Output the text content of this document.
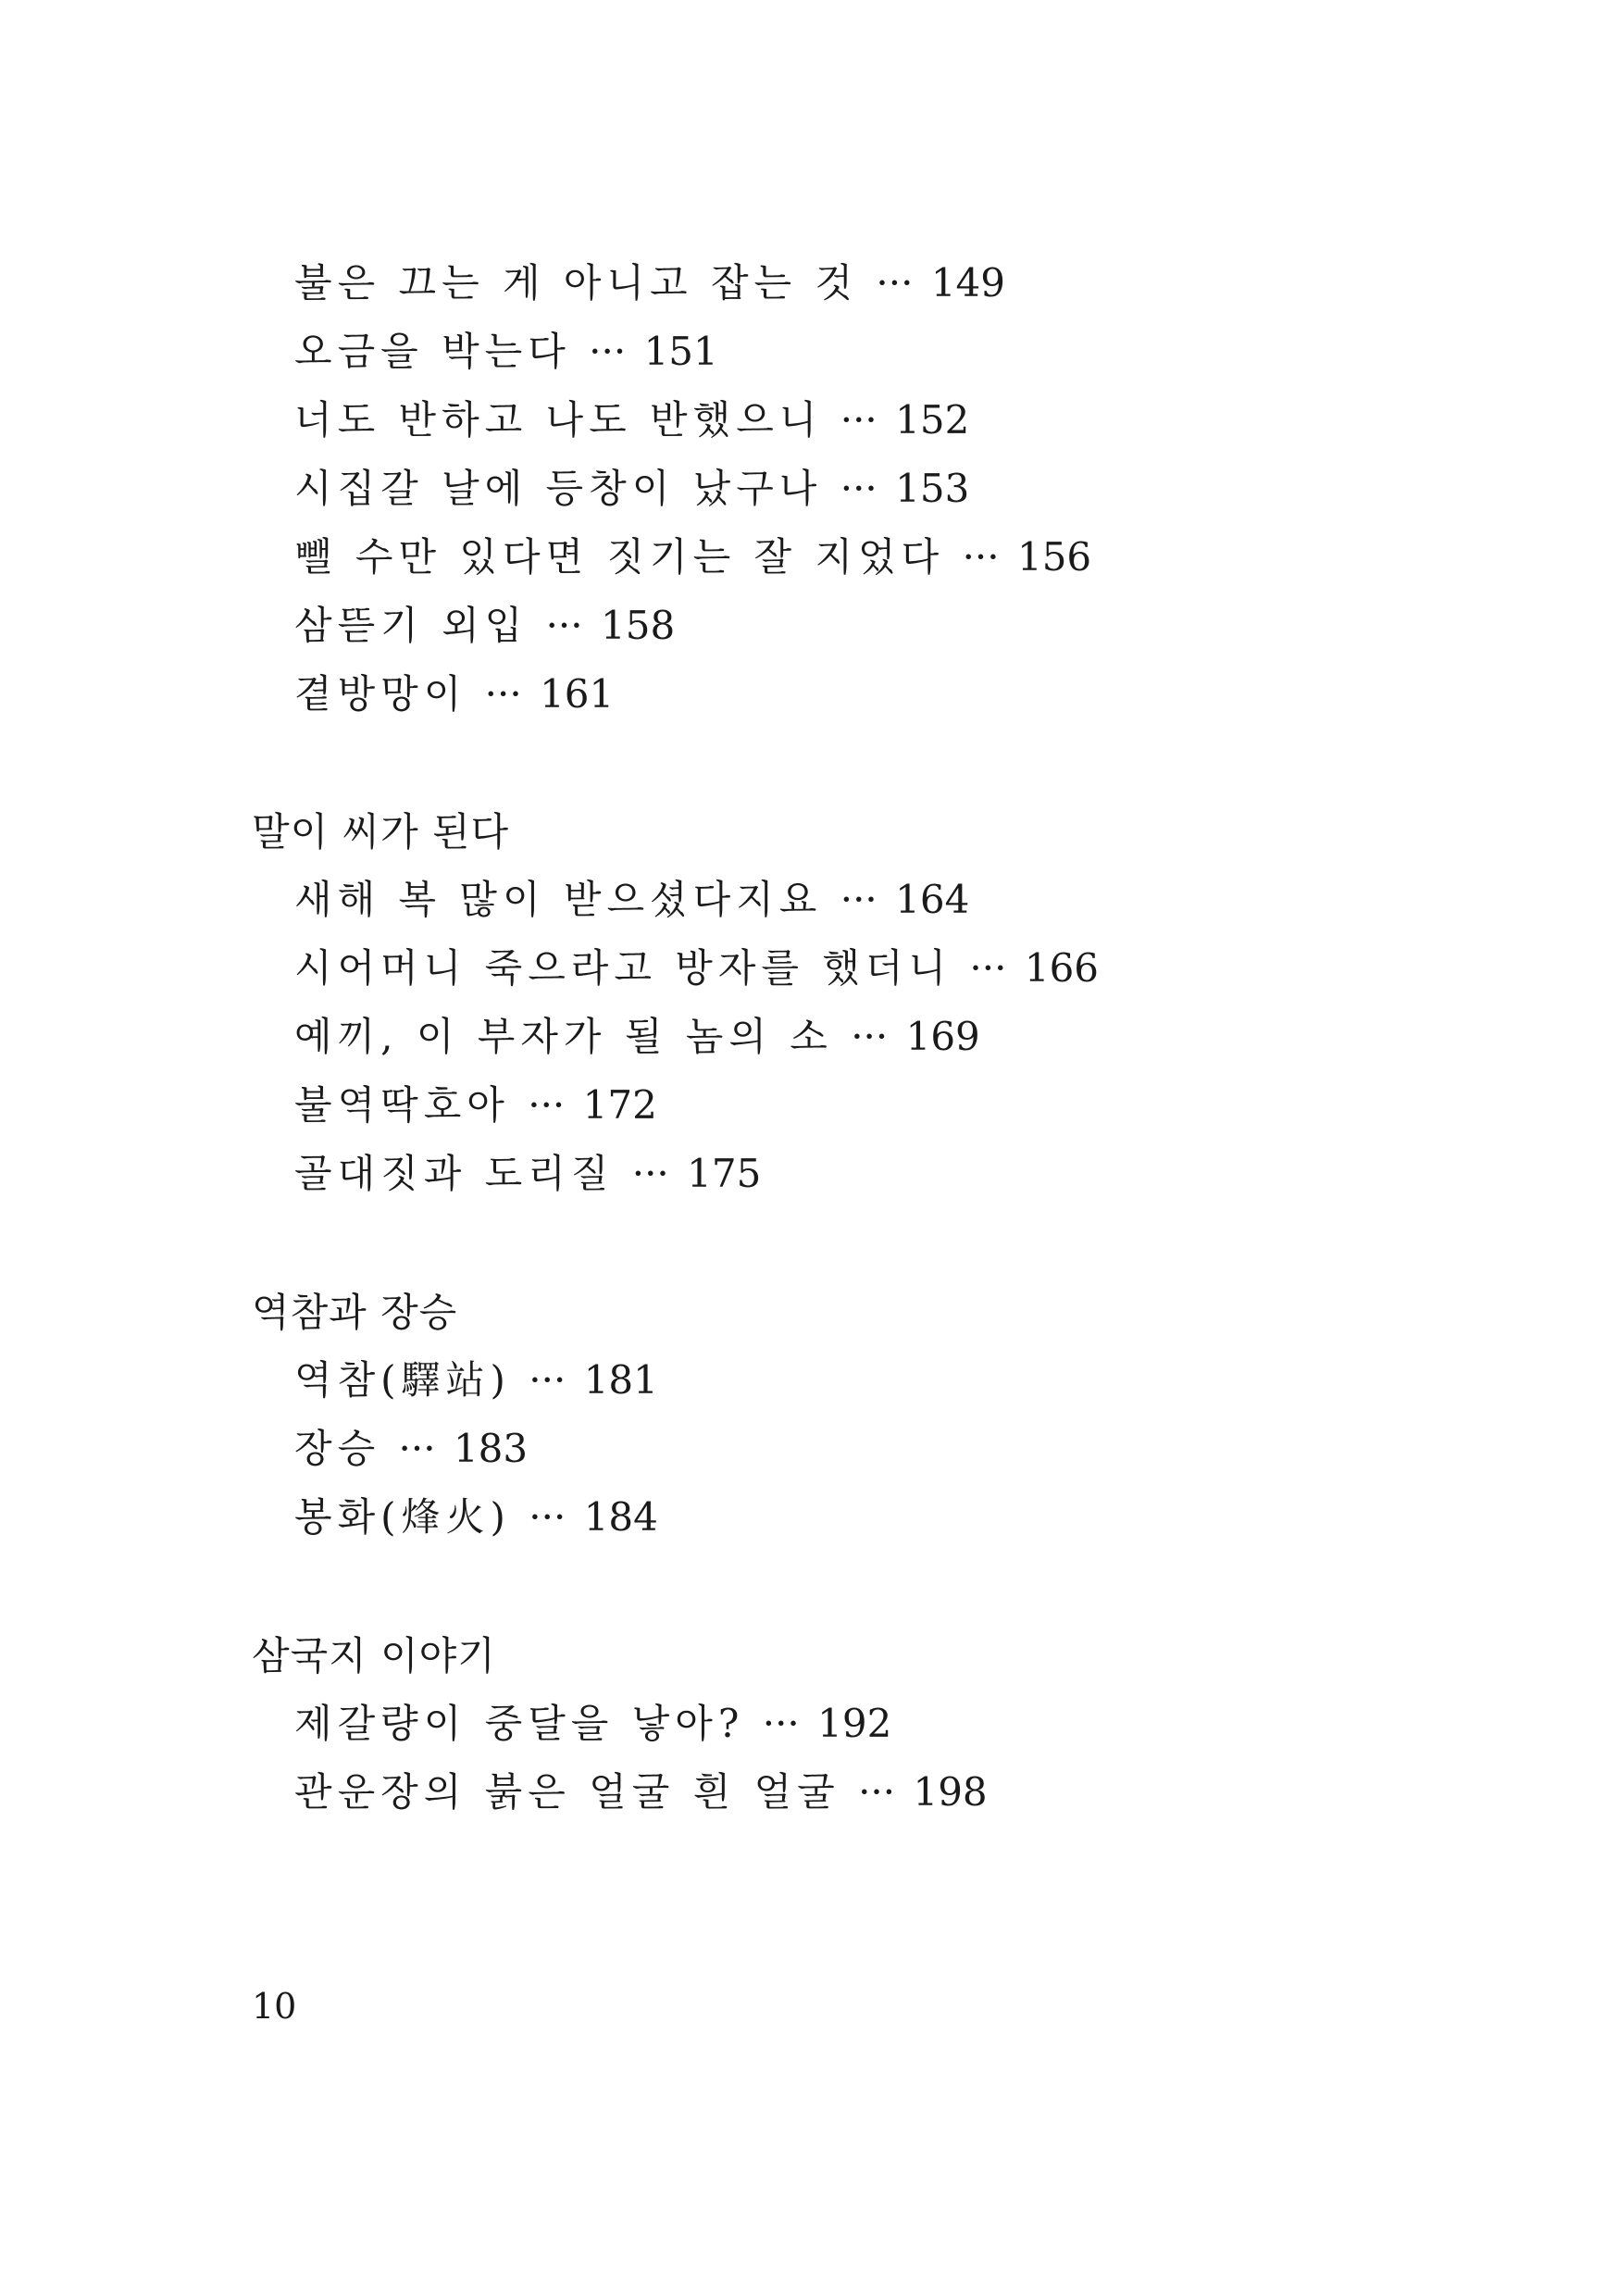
불은 끄는 게 아니고 잡는 것 ··· 149
오금을 박는다 ··· 151
너도 반하고 나도 반했으니 ··· 152
시집갈 날에 등창이 났구나 ··· 153
뺄 수만 있다면 짓기는 잘 지었다 ··· 156
삼뜯기 외입 ··· 158
곁방망이 ··· 161
말이 씨가 된다
새해 복 많이 받으셨다지요 ··· 164
시어머니 죽으라고 방자를 했더니 ··· 166
예끼, 이 부자가 될 놈의 소 ··· 169
불역딱호아 ··· 172
골대짓과 도리질 ··· 175
역참과 장승
역참(驛站) ··· 181
장승 ··· 183
봉화(烽火) ··· 184
삼국지 이야기
제갈량이 중달을 낳아? ··· 192
관운장의 붉은 얼굴 흰 얼굴 ··· 198
10
